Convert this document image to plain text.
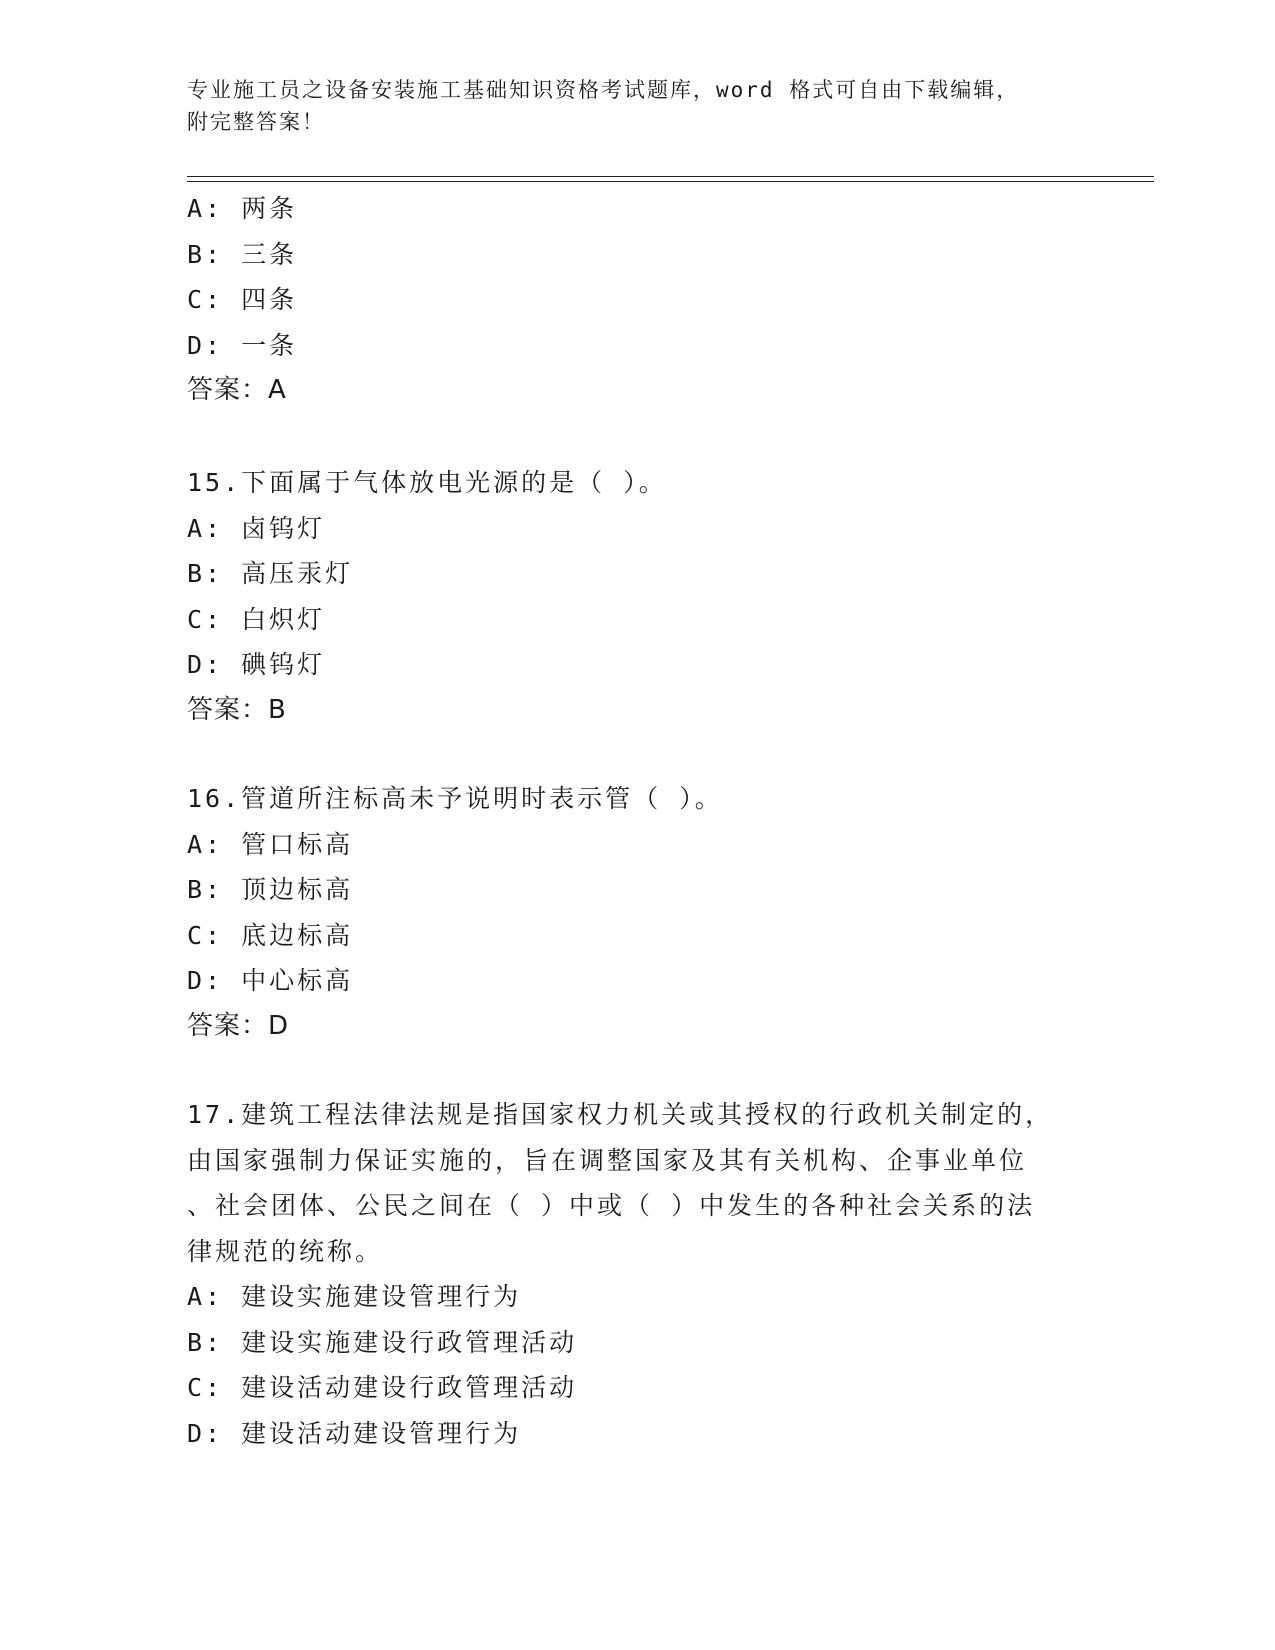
专业施工员之设备安装施工基础知识资格考试题库，word 格式可自由下载编辑，
附完整答案！
A: 两条
B: 三条
C: 四条
D: 一条
答案：A
15.下面属于气体放电光源的是（ ）。
A: 卤钨灯
B: 高压汞灯
C: 白炽灯
D: 碘钨灯
答案：B
16.管道所注标高未予说明时表示管（ ）。
A: 管口标高
B: 顶边标高
C: 底边标高
D: 中心标高
答案：D
17.建筑工程法律法规是指国家权力机关或其授权的行政机关制定的，
由国家强制力保证实施的，旨在调整国家及其有关机构、企事业单位
、社会团体、公民之间在（ ）中或（ ）中发生的各种社会关系的法
律规范的统称。
A: 建设实施建设管理行为
B: 建设实施建设行政管理活动
C: 建设活动建设行政管理活动
D: 建设活动建设管理行为
